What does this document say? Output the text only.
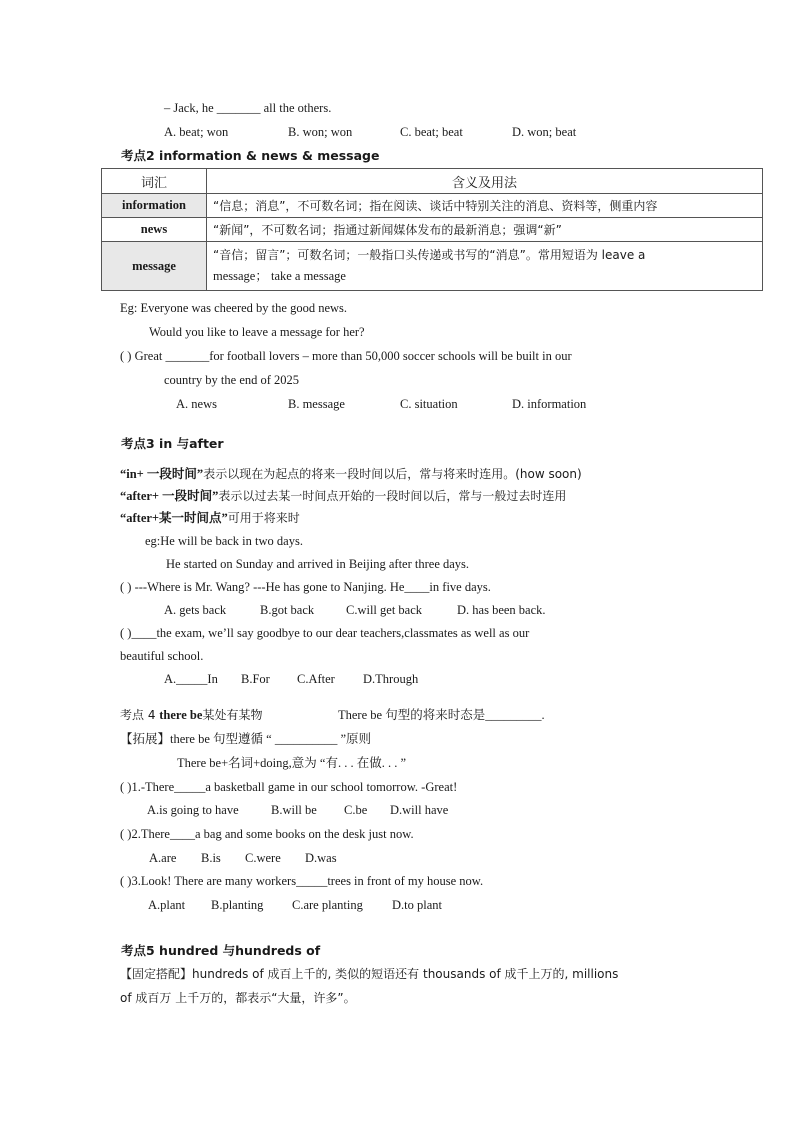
– Jack, he _______ all the others.
A. beat; won	B. won; won	C. beat; beat	D. won; beat
考点2 information & news & message
词汇	含义及用法
information	“信息；消息”，不可数名词；指在阅读、谈话中特别关注的消息、资料等，侧重内容
news	“新闻”，不可数名词；指通过新闻媒体发布的最新消息；强调“新”
message	“音信；留言”；可数名词；一般指口头传递或书写的“消息”。常用短语为 leave a
message； take a message
Eg: Everyone was cheered by the good news.
Would you like to leave a message for her?
( ) Great _______for football lovers – more than 50,000 soccer schools will be built in our
country by the end of 2025
A. news	B. message	C. situation	D. information
考点3 in 与after
“in+ 一段时间”表示以现在为起点的将来一段时间以后，常与将来时连用。(how soon)
“after+ 一段时间”表示以过去某一时间点开始的一段时间以后，常与一般过去时连用
“after+某一时间点”可用于将来时
eg:He will be back in two days.
He started on Sunday and arrived in Beijing after three days.
( ) ---Where is Mr. Wang? ---He has gone to Nanjing. He____in five days.
A. gets back	B.got back	C.will get back	D. has been back.
( )____the exam, we’ll say goodbye to our dear teachers,classmates as well as our
beautiful school.
A._____In B.For C.After D.Through
考点 4 there be某处有某物	There be 句型的将来时态是_________.
【拓展】there be 句型遵循 “ __________ ”原则
There be+名词+doing,意为 “有. . . 在做. . . ”
( )1.-There_____a basketball game in our school tomorrow. -Great!
A.is going to have	B.will be C.be D.will have
( )2.There____a bag and some books on the desk just now.
A.are B.is C.were D.was
( )3.Look! There are many workers_____trees in front of my house now.
A.plant B.planting C.are planting D.to plant
考点5 hundred 与hundreds of
【固定搭配】hundreds of 成百上千的, 类似的短语还有 thousands of 成千上万的, millions
of 成百万 上千万的，都表示“大量，许多”。
